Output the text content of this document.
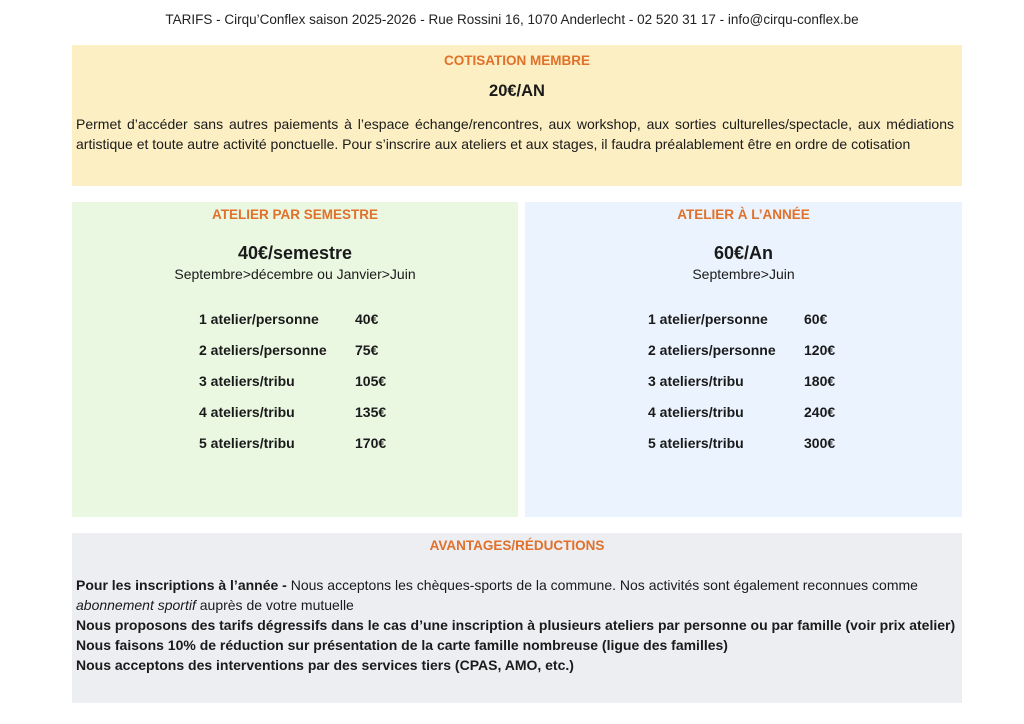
TARIFS - Cirqu’Conflex saison 2025-2026 - Rue Rossini 16, 1070 Anderlecht - 02 520 31 17 - info@cirqu-conflex.be
COTISATION MEMBRE
20€/AN
Permet d’accéder sans autres paiements à l’espace échange/rencontres, aux workshop, aux sorties culturelles/spectacle, aux médiations artistique et toute autre activité ponctuelle. Pour s’inscrire aux ateliers et aux stages, il faudra préalablement être en ordre de cotisation
ATELIER PAR SEMESTRE
40€/semestre
Septembre>décembre ou Janvier>Juin
1 atelier/personne	40€
2 ateliers/personne	75€
3 ateliers/tribu	105€
4 ateliers/tribu	135€
5 ateliers/tribu	170€
ATELIER À L’ANNÉE
60€/An
Septembre>Juin
1 atelier/personne	60€
2 ateliers/personne	120€
3 ateliers/tribu	180€
4 ateliers/tribu	240€
5 ateliers/tribu	300€
AVANTAGES/RÉDUCTIONS

Pour les inscriptions à l’année - Nous acceptons les chèques-sports de la commune. Nos activités sont également reconnues comme abonnement sportif auprès de votre mutuelle

Nous proposons des tarifs dégressifs dans le cas d’une inscription à plusieurs ateliers par personne ou par famille (voir prix atelier)

Nous faisons 10% de réduction sur présentation de la carte famille nombreuse (ligue des familles)

Nous acceptons des interventions par des services tiers (CPAS, AMO, etc.)
